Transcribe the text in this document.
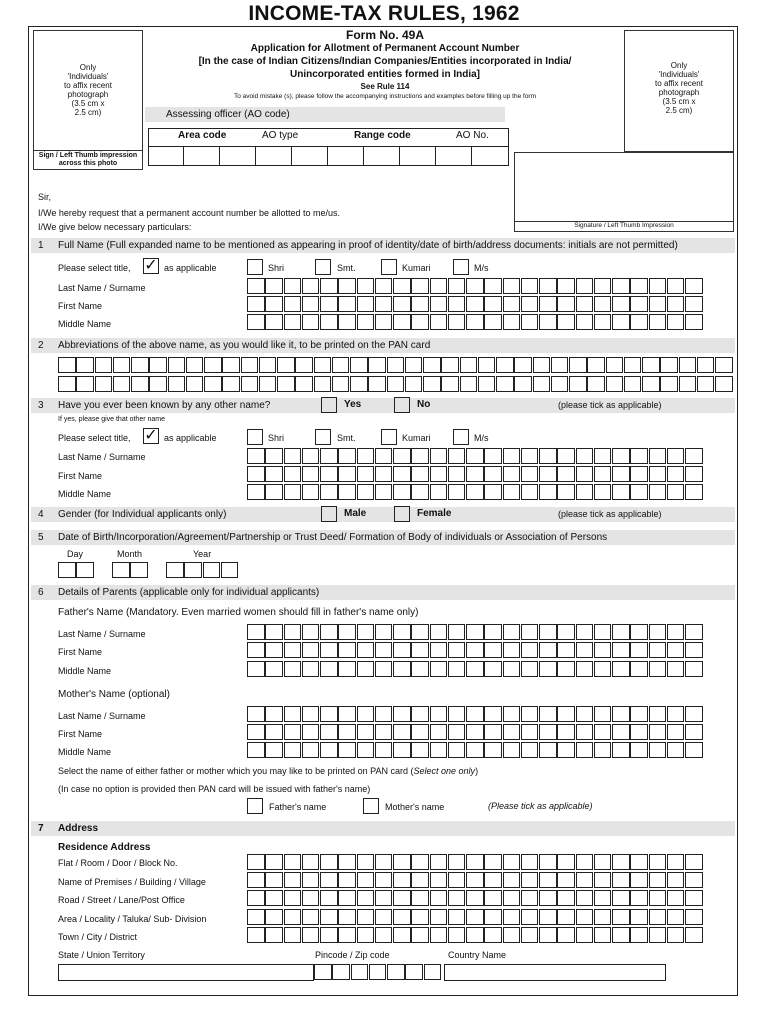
INCOME-TAX RULES, 1962
Only
'Individuals'
to affix recent
photograph
(3.5 cm x
2.5 cm)
Sign / Left Thumb impression
across this photo
Only
'Individuals'
to affix recent
photograph
(3.5 cm x
2.5 cm)
Signature / Left Thumb Impression
Form No. 49A
Application for Allotment of Permanent Account Number
[In the case of Indian Citizens/Indian Companies/Entities incorporated in India/
Unincorporated entities formed in India]
See Rule 114
To avoid mistake (s), please follow the accompanying instructions and examples before filling up the form
Assessing officer (AO code)
Area code	AO type	Range code	AO No.
Sir,
I/We hereby request that a permanent account number be allotted to me/us.
I/We give below necessary particulars:
1 Full Name (Full expanded name to be mentioned as appearing in proof of identity/date of birth/address documents: initials are not permitted)
Please select title, ✓ as applicable	Shri	Smt.	Kumari	M/s
Last Name / Surname
First Name
Middle Name
2 Abbreviations of the above name, as you would like it, to be printed on the PAN card
3 Have you ever been known by any other name?	Yes	No	(please tick as applicable)
If yes, please give that other name
Please select title, ✓ as applicable	Shri	Smt.	Kumari	M/s
Last Name / Surname
First Name
Middle Name
4 Gender (for Individual applicants only)	Male	Female	(please tick as applicable)
5 Date of Birth/Incorporation/Agreement/Partnership or Trust Deed/ Formation of Body of individuals or Association of Persons
Day	Month	Year
6 Details of Parents (applicable only for individual applicants)
Father's Name (Mandatory. Even married women should fill in father's name only)
Last Name / Surname
First Name
Middle Name
Mother's Name (optional)
Last Name / Surname
First Name
Middle Name
Select the name of either father or mother which you may like to be printed on PAN card (Select one only)
(In case no option is provided then PAN card will be issued with father's name)
Father's name	Mother's name	(Please tick as applicable)
7 Address
Residence Address
Flat / Room / Door / Block No.
Name of Premises / Building / Village
Road / Street / Lane/Post Office
Area / Locality / Taluka/ Sub- Division
Town / City / District
State / Union Territory	Pincode / Zip code	Country Name
